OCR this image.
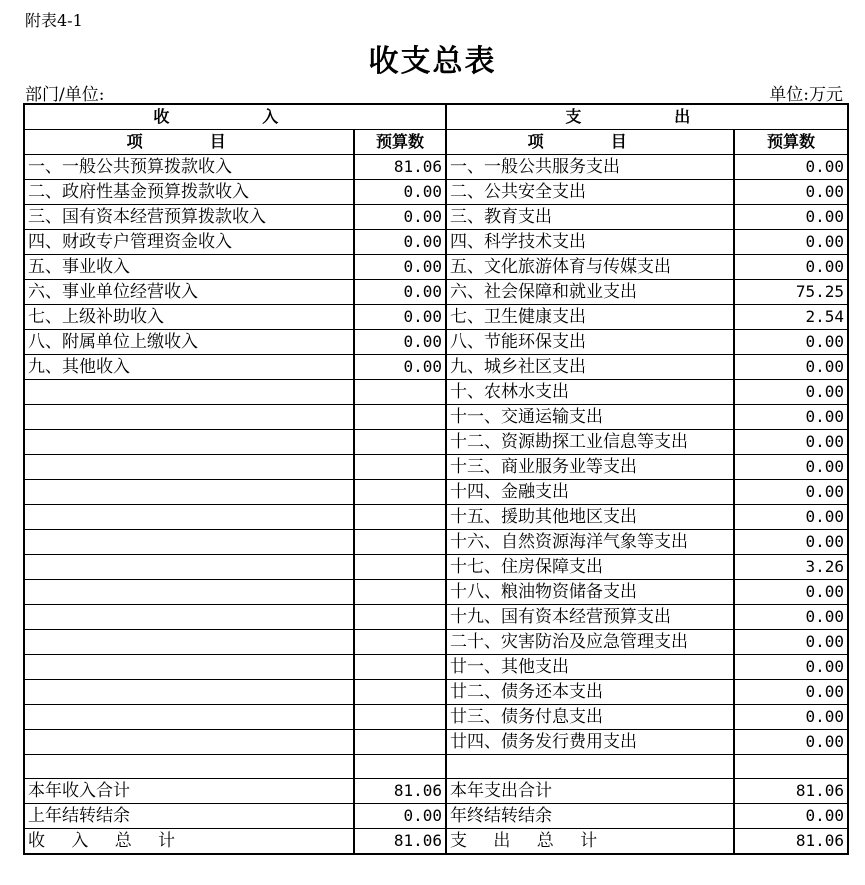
附表4-1
收支总表
部门/单位:	单位:万元
收　入		支　出	
项　目	预算数	项　目	预算数
一、一般公共预算拨款收入	81.06	一、一般公共服务支出	0.00
二、政府性基金预算拨款收入	0.00	二、公共安全支出	0.00
三、国有资本经营预算拨款收入	0.00	三、教育支出	0.00
四、财政专户管理资金收入	0.00	四、科学技术支出	0.00
五、事业收入	0.00	五、文化旅游体育与传媒支出	0.00
六、事业单位经营收入	0.00	六、社会保障和就业支出	75.25
七、上级补助收入	0.00	七、卫生健康支出	2.54
八、附属单位上缴收入	0.00	八、节能环保支出	0.00
九、其他收入	0.00	九、城乡社区支出	0.00
		十、农林水支出	0.00
		十一、交通运输支出	0.00
		十二、资源勘探工业信息等支出	0.00
		十三、商业服务业等支出	0.00
		十四、金融支出	0.00
		十五、援助其他地区支出	0.00
		十六、自然资源海洋气象等支出	0.00
		十七、住房保障支出	3.26
		十八、粮油物资储备支出	0.00
		十九、国有资本经营预算支出	0.00
		二十、灾害防治及应急管理支出	0.00
		廿一、其他支出	0.00
		廿二、债务还本支出	0.00
		廿三、债务付息支出	0.00
		廿四、债务发行费用支出	0.00

本年收入合计	81.06	本年支出合计	81.06
上年结转结余	0.00	年终结转结余	0.00
收入总计	81.06	支出总计	81.06
